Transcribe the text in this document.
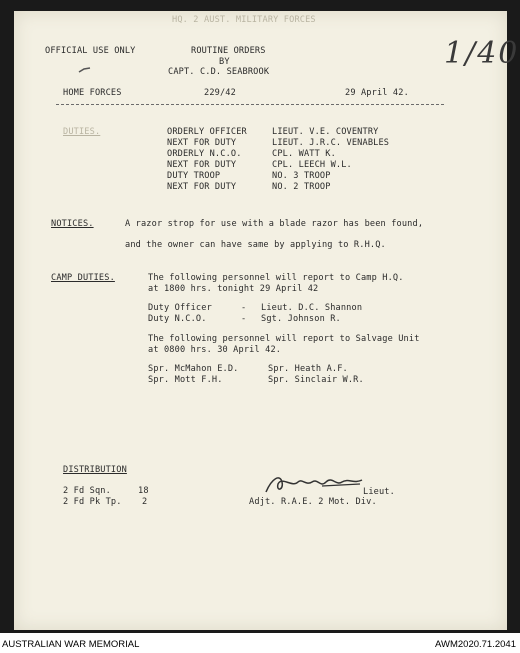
HQ. 2 AUST. MILITARY FORCES
OFFICIAL USE ONLY	ROUTINE ORDERS
BY
CAPT. C.D. SEABROOK
1/40
HOME FORCES	229/42	29 April 42.
DUTIES.	ORDERLY OFFICER	LIEUT. V.E. COVENTRY
NEXT FOR DUTY	LIEUT. J.R.C. VENABLES
ORDERLY N.C.O.	CPL. WATT K.
NEXT FOR DUTY	CPL. LEECH W.L.
DUTY TROOP	NO. 3 TROOP
NEXT FOR DUTY	NO. 2 TROOP
NOTICES.	A razor strop for use with a blade razor has been found,
and the owner can have same by applying to R.H.Q.
CAMP DUTIES.	The following personnel will report to Camp H.Q.
at 1800 hrs. tonight 29 April 42
Duty Officer	- Lieut. D.C. Shannon
Duty N.C.O.	- Sgt. Johnson R.
The following personnel will report to Salvage Unit
at 0800 hrs. 30 April 42.
Spr. McMahon E.D.	Spr. Heath A.F.
Spr. Mott F.H.	Spr. Sinclair W.R.
DISTRIBUTION
2 Fd Sqn.	18
2 Fd Pk Tp. 2
Lieut.
Adjt. R.A.E. 2 Mot. Div.
AUSTRALIAN WAR MEMORIAL	AWM2020.71.2041
